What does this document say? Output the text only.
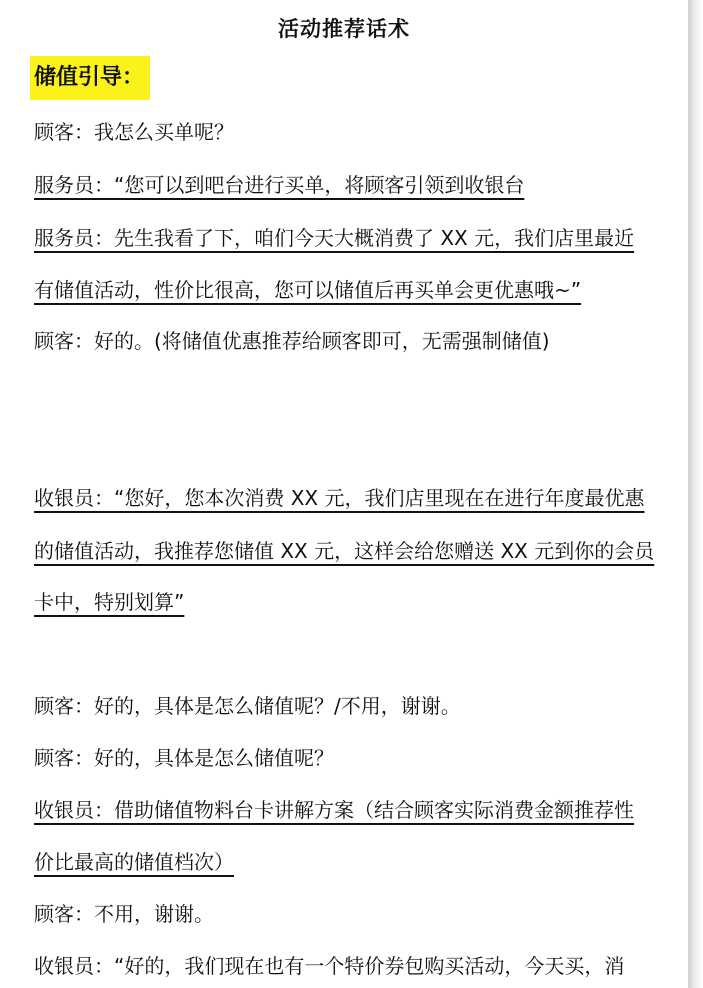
活动推荐话术
储值引导：
顾客：我怎么买单呢？
服务员：“您可以到吧台进行买单，将顾客引领到收银台
服务员：先生我看了下，咱们今天大概消费了 XX 元，我们店里最近
有储值活动，性价比很高，您可以储值后再买单会更优惠哦~”
顾客：好的。(将储值优惠推荐给顾客即可，无需强制储值)
收银员：“您好，您本次消费 XX 元，我们店里现在在进行年度最优惠
的储值活动，我推荐您储值 XX 元，这样会给您赠送 XX 元到你的会员
卡中，特别划算”
顾客：好的，具体是怎么储值呢？/不用，谢谢。
顾客：好的，具体是怎么储值呢？
收银员：借助储值物料台卡讲解方案（结合顾客实际消费金额推荐性
价比最高的储值档次）
顾客：不用，谢谢。
收银员：“好的，我们现在也有一个特价券包购买活动，今天买，消
